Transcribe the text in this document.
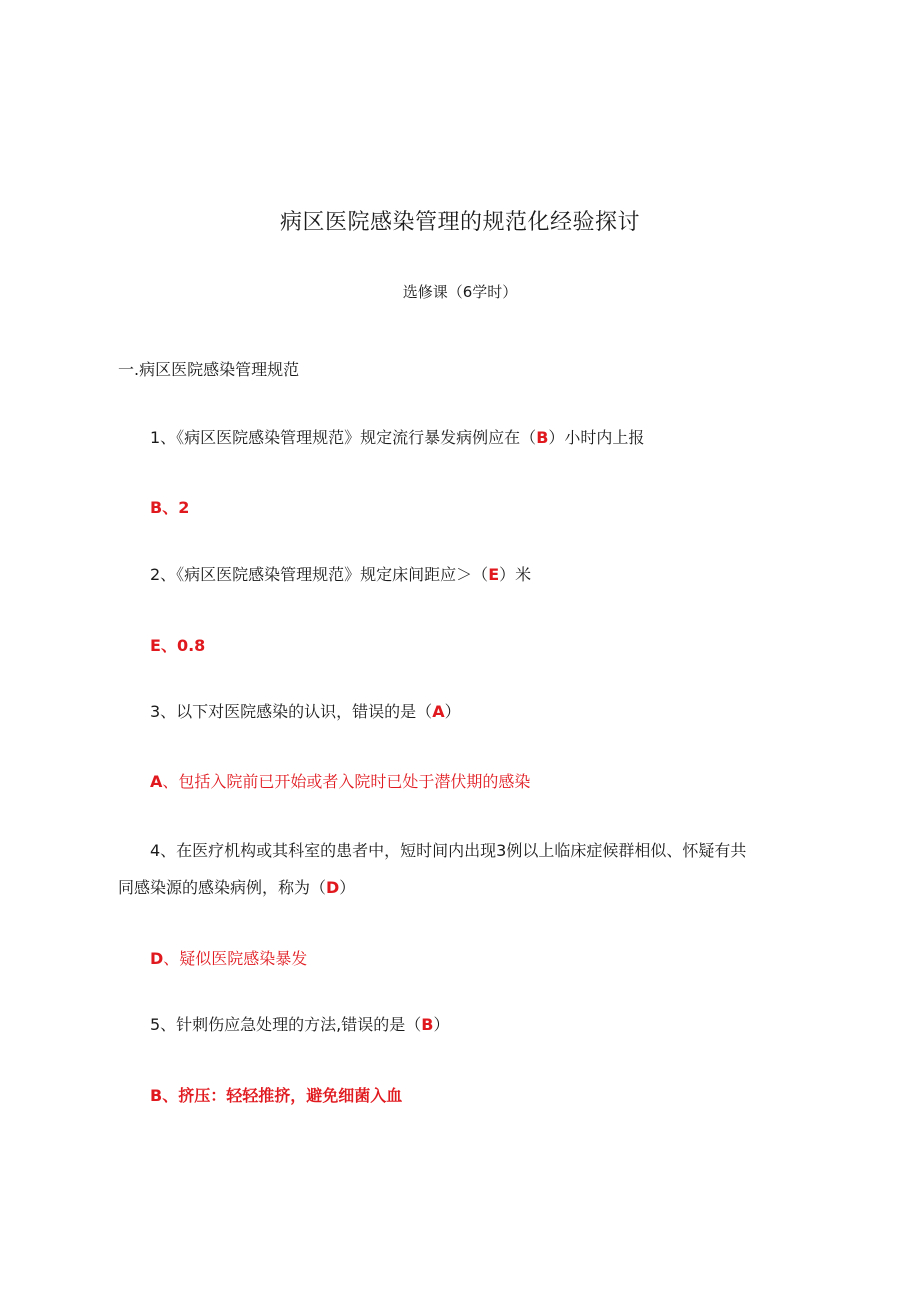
病区医院感染管理的规范化经验探讨
选修课（6学时）
一.病区医院感染管理规范
1、《病区医院感染管理规范》规定流行暴发病例应在（B）小时内上报
B、2
2、《病区医院感染管理规范》规定床间距应＞（E）米
E、0.8
3、以下对医院感染的认识，错误的是（A）
A、包括入院前已开始或者入院时已处于潜伏期的感染
4、在医疗机构或其科室的患者中，短时间内出现3例以上临床症候群相似、怀疑有共
同感染源的感染病例，称为（D）
D、疑似医院感染暴发
5、针刺伤应急处理的方法,错误的是（B）
B、挤压：轻轻推挤，避免细菌入血
